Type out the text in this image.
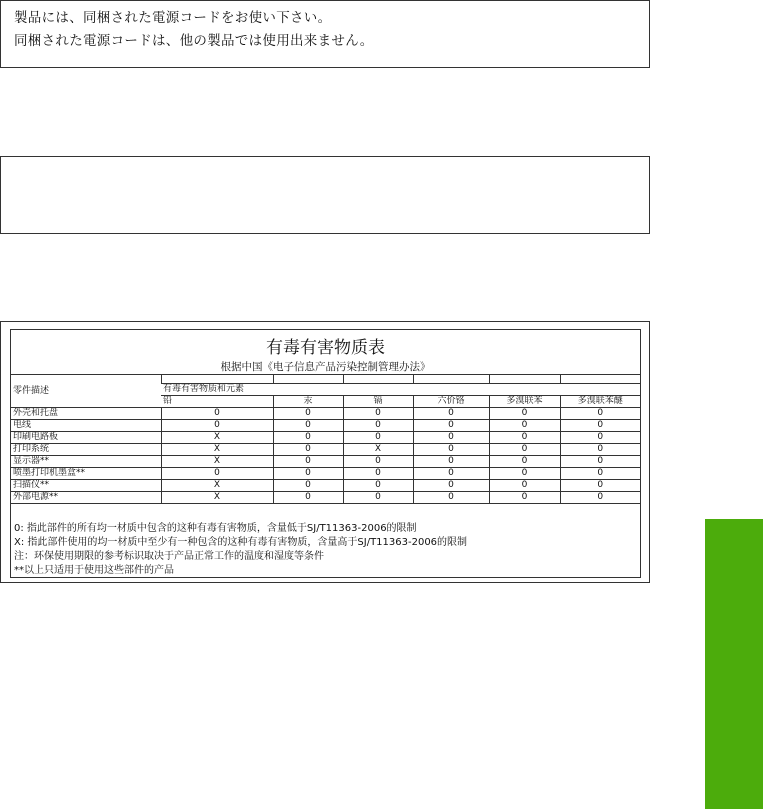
製品には、同梱された電源コードをお使い下さい。

同梱された電源コードは、他の製品では使用出来ません。

有毒有害物质表
根据中国《电子信息产品污染控制管理办法》
零件描述						
	有毒有害物质和元素					
	铅	汞	镉	六价铬	多溴联苯	多溴联苯醚
外壳和托盘	0	0	0	0	0	0
电线	0	0	0	0	0	0
印刷电路板	X	0	0	0	0	0
打印系统	X	0	X	0	0	0
显示器**	X	0	0	0	0	0
喷墨打印机墨盒**	0	0	0	0	0	0
扫描仪**	X	0	0	0	0	0
外部电源**	X	0	0	0	0	0
0: 指此部件的所有均一材质中包含的这种有毒有害物质，含量低于SJ/T11363-2006的限制
X: 指此部件使用的均一材质中至少有一种包含的这种有毒有害物质，含量高于SJ/T11363-2006的限制
注：环保使用期限的参考标识取决于产品正常工作的温度和湿度等条件
**以上只适用于使用这些部件的产品
